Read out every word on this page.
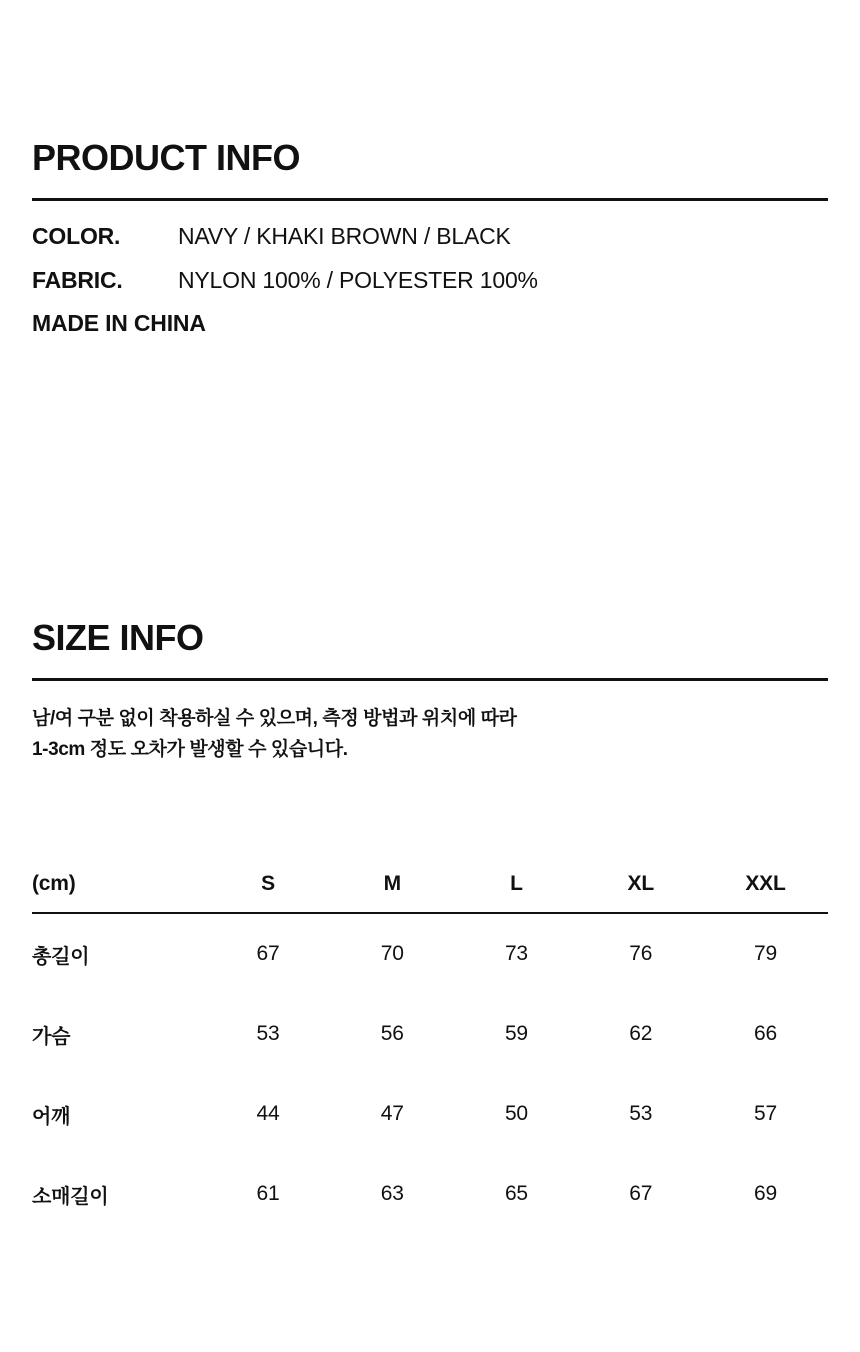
PRODUCT INFO
COLOR.	NAVY / KHAKI BROWN / BLACK
FABRIC.	NYLON 100% / POLYESTER 100%
MADE IN CHINA
SIZE INFO
남/여 구분 없이 착용하실 수 있으며, 측정 방법과 위치에 따라
1-3cm 정도 오차가 발생할 수 있습니다.
(cm)	S	M	L	XL	XXL
총길이	67	70	73	76	79
가슴	53	56	59	62	66
어깨	44	47	50	53	57
소매길이	61	63	65	67	69
